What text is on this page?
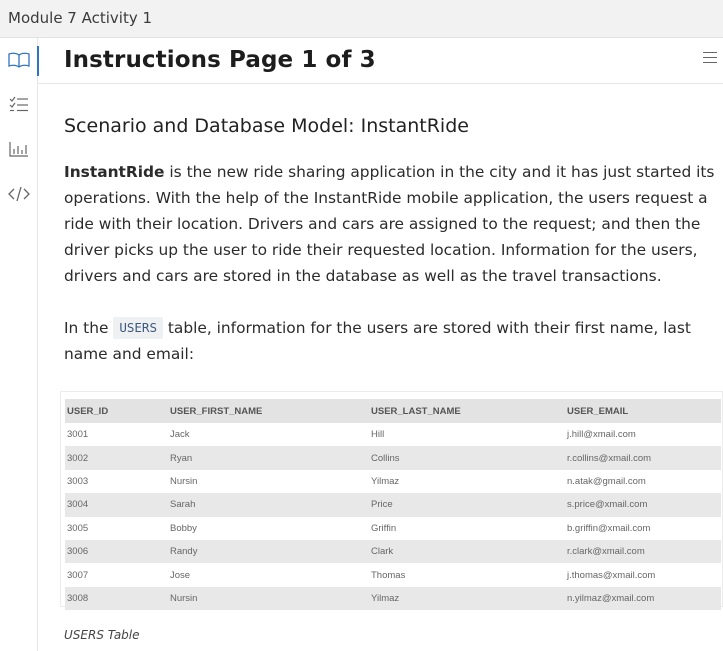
Module 7 Activity 1
Instructions Page 1 of 3
Scenario and Database Model: InstantRide

InstantRide is the new ride sharing application in the city and it has just started its operations. With the help of the InstantRide mobile application, the users request a ride with their location. Drivers and cars are assigned to the request; and then the driver picks up the user to ride their requested location. Information for the users, drivers and cars are stored in the database as well as the travel transactions.

In the USERS table, information for the users are stored with their first name, last name and email:

USER_ID	USER_FIRST_NAME	USER_LAST_NAME	USER_EMAIL
3001	Jack	Hill	j.hill@xmail.com
3002	Ryan	Collins	r.collins@xmail.com
3003	Nursin	Yilmaz	n.atak@gmail.com
3004	Sarah	Price	s.price@xmail.com
3005	Bobby	Griffin	b.griffin@xmail.com
3006	Randy	Clark	r.clark@xmail.com
3007	Jose	Thomas	j.thomas@xmail.com
3008	Nursin	Yilmaz	n.yilmaz@xmail.com
USERS Table
